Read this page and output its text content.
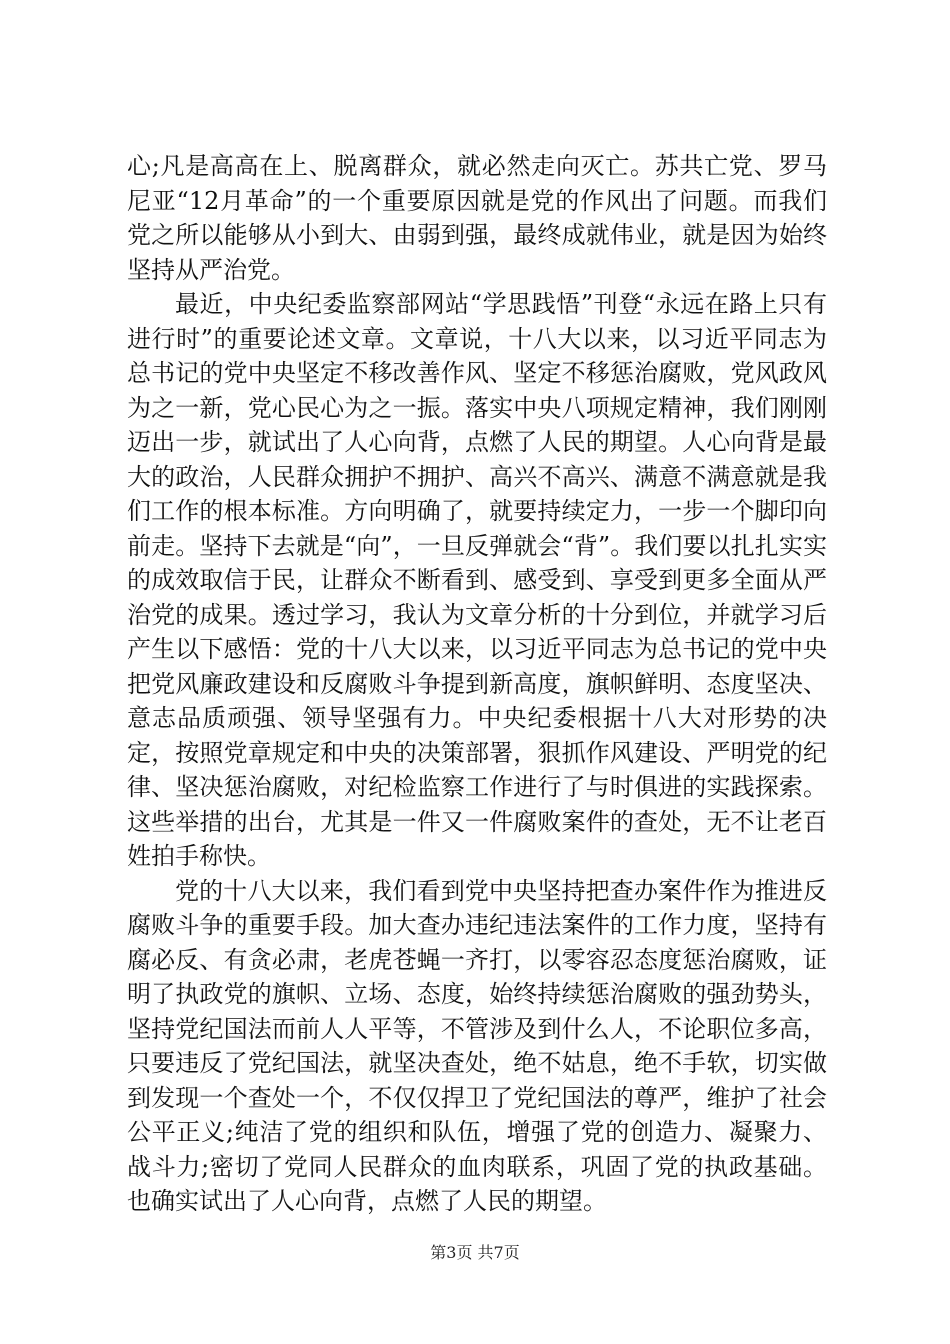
心;凡是高高在上、脱离群众，就必然走向灭亡。苏共亡党、罗马尼亚“12月革命”的一个重要原因就是党的作风出了问题。而我们党之所以能够从小到大、由弱到强，最终成就伟业，就是因为始终坚持从严治党。

最近，中央纪委监察部网站“学思践悟”刊登“永远在路上只有进行时”的重要论述文章。文章说，十八大以来，以习近平同志为总书记的党中央坚定不移改善作风、坚定不移惩治腐败，党风政风为之一新，党心民心为之一振。落实中央八项规定精神，我们刚刚迈出一步，就试出了人心向背，点燃了人民的期望。人心向背是最大的政治，人民群众拥护不拥护、高兴不高兴、满意不满意就是我们工作的根本标准。方向明确了，就要持续定力，一步一个脚印向前走。坚持下去就是“向”，一旦反弹就会“背”。我们要以扎扎实实的成效取信于民，让群众不断看到、感受到、享受到更多全面从严治党的成果。透过学习，我认为文章分析的十分到位，并就学习后产生以下感悟：党的十八大以来，以习近平同志为总书记的党中央把党风廉政建设和反腐败斗争提到新高度，旗帜鲜明、态度坚决、意志品质顽强、领导坚强有力。中央纪委根据十八大对形势的决定，按照党章规定和中央的决策部署，狠抓作风建设、严明党的纪律、坚决惩治腐败，对纪检监察工作进行了与时俱进的实践探索。这些举措的出台，尤其是一件又一件腐败案件的查处，无不让老百姓拍手称快。

党的十八大以来，我们看到党中央坚持把查办案件作为推进反腐败斗争的重要手段。加大查办违纪违法案件的工作力度，坚持有腐必反、有贪必肃，老虎苍蝇一齐打，以零容忍态度惩治腐败，证明了执政党的旗帜、立场、态度，始终持续惩治腐败的强劲势头，坚持党纪国法而前人人平等，不管涉及到什么人，不论职位多高，只要违反了党纪国法，就坚决查处，绝不姑息，绝不手软，切实做到发现一个查处一个，不仅仅捍卫了党纪国法的尊严，维护了社会公平正义;纯洁了党的组织和队伍，增强了党的创造力、凝聚力、战斗力;密切了党同人民群众的血肉联系，巩固了党的执政基础。也确实试出了人心向背，点燃了人民的期望。

第3页 共7页
